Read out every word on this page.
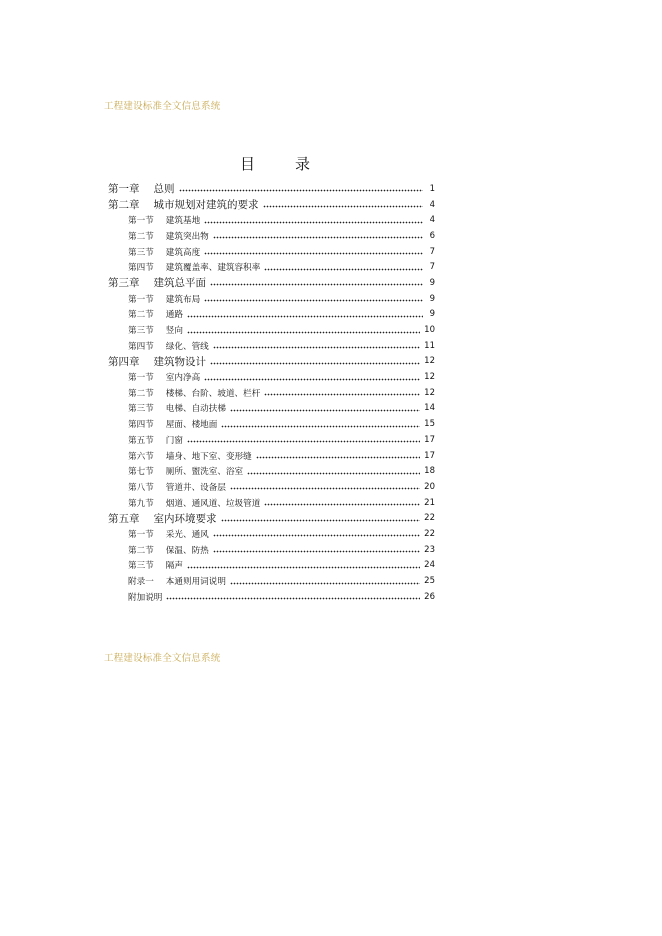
工程建设标准全文信息系统
目	录
第一章 总则	1
第二章 城市规划对建筑的要求	4
第一节 建筑基地	4
第二节 建筑突出物	6
第三节 建筑高度	7
第四节 建筑覆盖率、建筑容积率	7
第三章 建筑总平面	9
第一节 建筑布局	9
第二节 通路	9
第三节 竖向	10
第四节 绿化、管线	11
第四章 建筑物设计	12
第一节 室内净高	12
第二节 楼梯、台阶、坡道、栏杆	12
第三节 电梯、自动扶梯	14
第四节 屋面、楼地面	15
第五节 门窗	17
第六节 墙身、地下室、变形缝	17
第七节 厕所、盥洗室、浴室	18
第八节 管道井、设备层	20
第九节 烟道、通风道、垃圾管道	21
第五章 室内环境要求	22
第一节 采光、通风	22
第二节 保温、防热	23
第三节 隔声	24
附录一 本通则用词说明	25
附加说明	26
工程建设标准全文信息系统
